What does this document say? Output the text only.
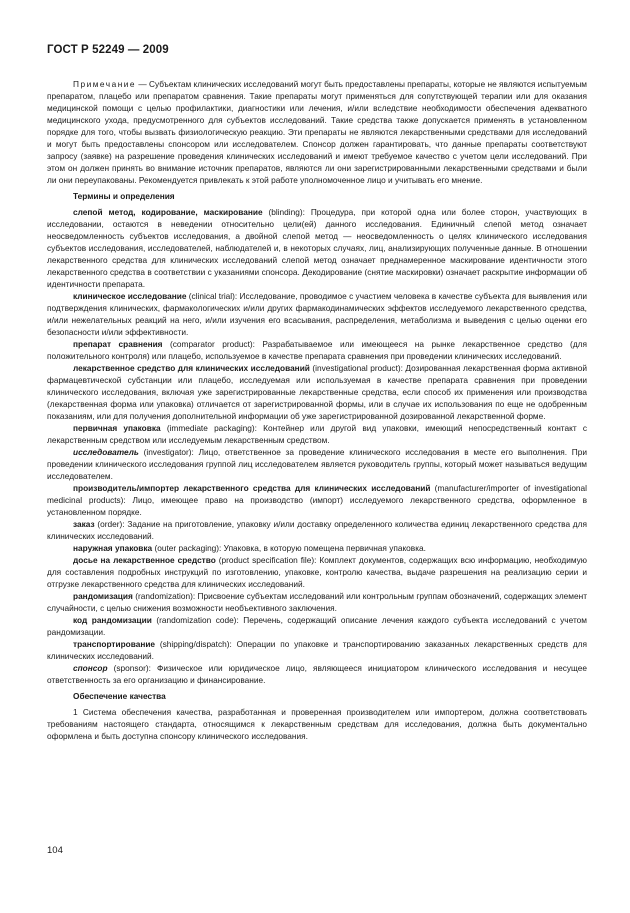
ГОСТ Р 52249 — 2009

Примечание — Субъектам клинических исследований могут быть предоставлены препараты, которые не являются испытуемым препаратом, плацебо или препаратом сравнения. Такие препараты могут применяться для сопутствующей терапии или для оказания медицинской помощи с целью профилактики, диагностики или лечения, и/или вследствие необходимости обеспечения адекватного медицинского ухода, предусмотренного для субъектов исследований. Такие средства также допускается применять в установленном порядке для того, чтобы вызвать физиологическую реакцию. Эти препараты не являются лекарственными средствами для исследований и могут быть предоставлены спонсором или исследователем. Спонсор должен гарантировать, что данные препараты соответствуют запросу (заявке) на разрешение проведения клинических исследований и имеют требуемое качество с учетом цели исследований. При этом он должен принять во внимание источник препаратов, являются ли они зарегистрированными лекарственными средствами и были ли они переупакованы. Рекомендуется привлекать к этой работе уполномоченное лицо и учитывать его мнение.

Термины и определения

слепой метод, кодирование, маскирование (blinding): Процедура, при которой одна или более сторон, участвующих в исследовании, остаются в неведении относительно цели(ей) данного исследования. Единичный слепой метод означает неосведомленность субъектов исследования, а двойной слепой метод — неосведомленность о целях клинического исследования субъектов исследования, исследователей, наблюдателей и, в некоторых случаях, лиц, анализирующих полученные данные. В отношении лекарственного средства для клинических исследований слепой метод означает преднамеренное маскирование идентичности этого лекарственного средства в соответствии с указаниями спонсора. Декодирование (снятие маскировки) означает раскрытие информации об идентичности препарата.

клиническое исследование (clinical trial): Исследование, проводимое с участием человека в качестве субъекта для выявления или подтверждения клинических, фармакологических и/или других фармакодинамических эффектов исследуемого лекарственного средства, и/или нежелательных реакций на него, и/или изучения его всасывания, распределения, метаболизма и выведения с целью оценки его безопасности и/или эффективности.

препарат сравнения (comparator product): Разрабатываемое или имеющееся на рынке лекарственное средство (для положительного контроля) или плацебо, используемое в качестве препарата сравнения при проведении клинических исследований.

лекарственное средство для клинических исследований (investigational product): Дозированная лекарственная форма активной фармацевтической субстанции или плацебо, исследуемая или используемая в качестве препарата сравнения при проведении клинического исследования, включая уже зарегистрированные лекарственные средства, если способ их применения или производства (лекарственная форма или упаковка) отличается от зарегистрированной формы, или в случае их использования по еще не одобренным показаниям, или для получения дополнительной информации об уже зарегистрированной дозированной лекарственной форме.

первичная упаковка (immediate packaging): Контейнер или другой вид упаковки, имеющий непосредственный контакт с лекарственным средством или исследуемым лекарственным средством.

исследователь (investigator): Лицо, ответственное за проведение клинического исследования в месте его выполнения. При проведении клинического исследования группой лиц исследователем является руководитель группы, который может называться ведущим исследователем.

производитель/импортер лекарственного средства для клинических исследований (manufacturer/importer of investigational medicinal products): Лицо, имеющее право на производство (импорт) исследуемого лекарственного средства, оформленное в установленном порядке.

заказ (order): Задание на приготовление, упаковку и/или доставку определенного количества единиц лекарственного средства для клинических исследований.

наружная упаковка (outer packaging): Упаковка, в которую помещена первичная упаковка.

досье на лекарственное средство (product specification file): Комплект документов, содержащих всю информацию, необходимую для составления подробных инструкций по изготовлению, упаковке, контролю качества, выдаче разрешения на реализацию серии и отгрузке лекарственного средства для клинических исследований.

рандомизация (randomization): Присвоение субъектам исследований или контрольным группам обозначений, содержащих элемент случайности, с целью снижения возможности необъективного заключения.

код рандомизации (randomization code): Перечень, содержащий описание лечения каждого субъекта исследований с учетом рандомизации.

транспортирование (shipping/dispatch): Операции по упаковке и транспортированию заказанных лекарственных средств для клинических исследований.

спонсор (sponsor): Физическое или юридическое лицо, являющееся инициатором клинического исследования и несущее ответственность за его организацию и финансирование.

Обеспечение качества

1 Система обеспечения качества, разработанная и проверенная производителем или импортером, должна соответствовать требованиям настоящего стандарта, относящимся к лекарственным средствам для исследования, должна быть документально оформлена и быть доступна спонсору клинического исследования.

104
